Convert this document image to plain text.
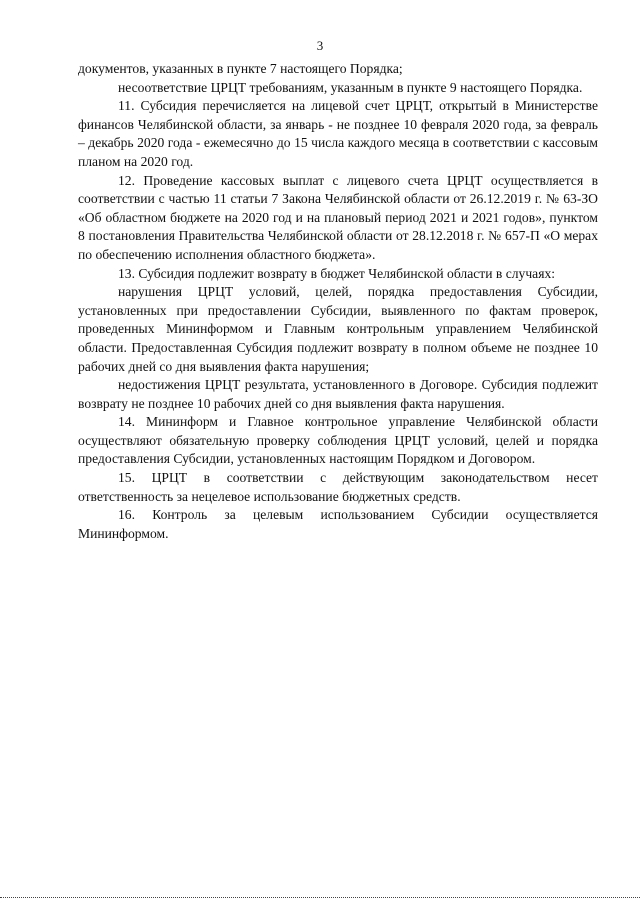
3

документов, указанных в пункте 7 настоящего Порядка;

несоответствие ЦРЦТ требованиям, указанным в пункте 9 настоящего Порядка.

11. Субсидия перечисляется на лицевой счет ЦРЦТ, открытый в Министерстве финансов Челябинской области, за январь - не позднее 10 февраля 2020 года, за февраль – декабрь 2020 года - ежемесячно до 15 числа каждого месяца в соответствии с кассовым планом на 2020 год.

12. Проведение кассовых выплат с лицевого счета ЦРЦТ осуществляется в соответствии с частью 11 статьи 7 Закона Челябинской области от 26.12.2019 г. № 63-ЗО «Об областном бюджете на 2020 год и на плановый период 2021 и 2021 годов», пунктом 8 постановления Правительства Челябинской области от 28.12.2018 г. № 657-П «О мерах по обеспечению исполнения областного бюджета».

13. Субсидия подлежит возврату в бюджет Челябинской области в случаях:

нарушения ЦРЦТ условий, целей, порядка предоставления Субсидии, установленных при предоставлении Субсидии, выявленного по фактам проверок, проведенных Мининформом и Главным контрольным управлением Челябинской области. Предоставленная Субсидия подлежит возврату в полном объеме не позднее 10 рабочих дней со дня выявления факта нарушения;

недостижения ЦРЦТ результата, установленного в Договоре. Субсидия подлежит возврату не позднее 10 рабочих дней со дня выявления факта нарушения.

14. Мининформ и Главное контрольное управление Челябинской области осуществляют обязательную проверку соблюдения ЦРЦТ условий, целей и порядка предоставления Субсидии, установленных настоящим Порядком и Договором.

15. ЦРЦТ в соответствии с действующим законодательством несет ответственность за нецелевое использование бюджетных средств.

16. Контроль за целевым использованием Субсидии осуществляется Мининформом.
